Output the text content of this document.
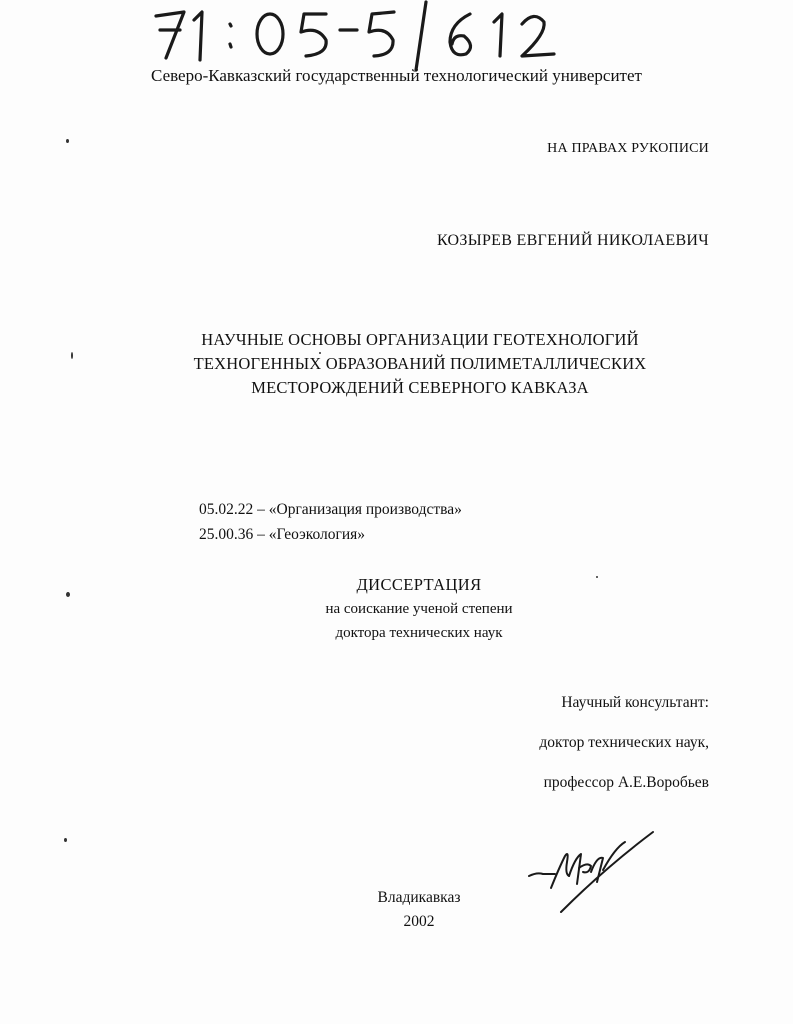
Северо-Кавказский государственный технологический университет
НА ПРАВАХ РУКОПИСИ
КОЗЫРЕВ ЕВГЕНИЙ НИКОЛАЕВИЧ
НАУЧНЫЕ ОСНОВЫ ОРГАНИЗАЦИИ ГЕОТЕХНОЛОГИЙ
ТЕХНОГЕННЫХ ОБРАЗОВАНИЙ ПОЛИМЕТАЛЛИЧЕСКИХ
МЕСТОРОЖДЕНИЙ СЕВЕРНОГО КАВКАЗА
05.02.22 – «Организация производства»
25.00.36 – «Геоэкология»
ДИССЕРТАЦИЯ
на соискание ученой степени
доктора технических наук
Научный консультант:
доктор технических наук,
профессор А.Е.Воробьев
Владикавказ
2002
